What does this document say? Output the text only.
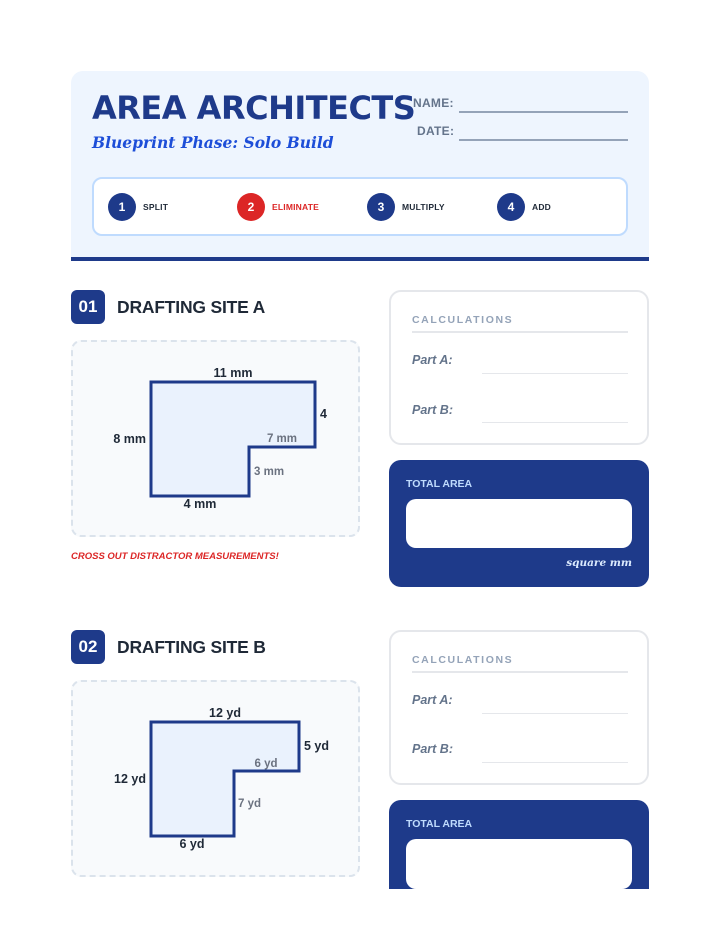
AREA ARCHITECTS
Blueprint Phase: Solo Build
NAME:
DATE:
1	SPLIT	2	ELIMINATE	3	MULTIPLY	4	ADD
01	DRAFTING SITE A
11 mm
4
8 mm	7 mm
3 mm
4 mm
CROSS OUT DISTRACTOR MEASUREMENTS!
CALCULATIONS
Part A:
Part B:
TOTAL AREA
square mm
02	DRAFTING SITE B
12 yd
5 yd
12 yd
6 yd
7 yd
6 yd
CALCULATIONS
Part A:
Part B:
TOTAL AREA
